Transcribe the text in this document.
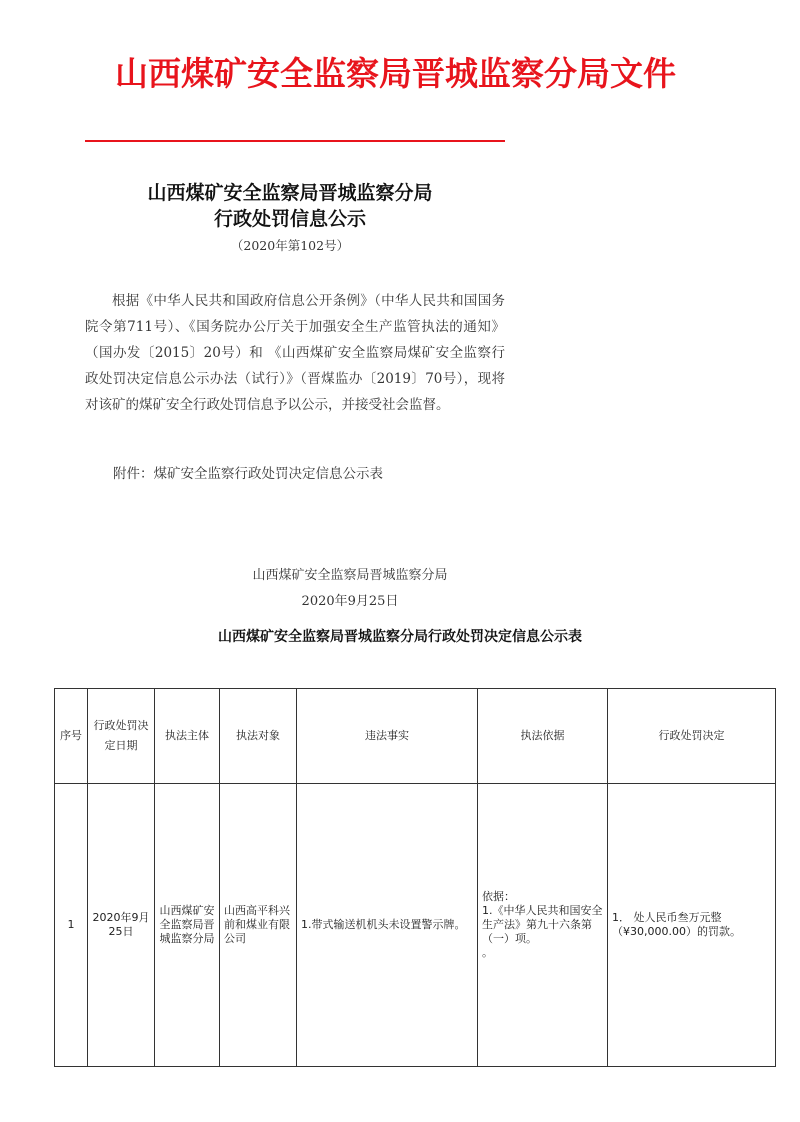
山西煤矿安全监察局晋城监察分局文件
山西煤矿安全监察局晋城监察分局
行政处罚信息公示
（2020年第102号）
根据《中华人民共和国政府信息公开条例》（中华人民共和国国务院令第711号）、《国务院办公厅关于加强安全生产监管执法的通知》（国办发〔2015〕20号）和 《山西煤矿安全监察局煤矿安全监察行政处罚决定信息公示办法（试行）》（晋煤监办〔2019〕70号），现将对该矿的煤矿安全行政处罚信息予以公示，并接受社会监督。
附件：煤矿安全监察行政处罚决定信息公示表
山西煤矿安全监察局晋城监察分局
2020年9月25日
山西煤矿安全监察局晋城监察分局行政处罚决定信息公示表
序号	行政处罚决定日期	执法主体	执法对象	违法事实	执法依据	行政处罚决定
1	2020年9月25日	山西煤矿安全监察局晋城监察分局	山西高平科兴前和煤业有限公司	1.带式输送机机头未设置警示牌。	依据：
1.《中华人民共和国安全生产法》第九十六条第（一）项。
。	1． 处人民币叁万元整（¥30,000.00）的罚款。
